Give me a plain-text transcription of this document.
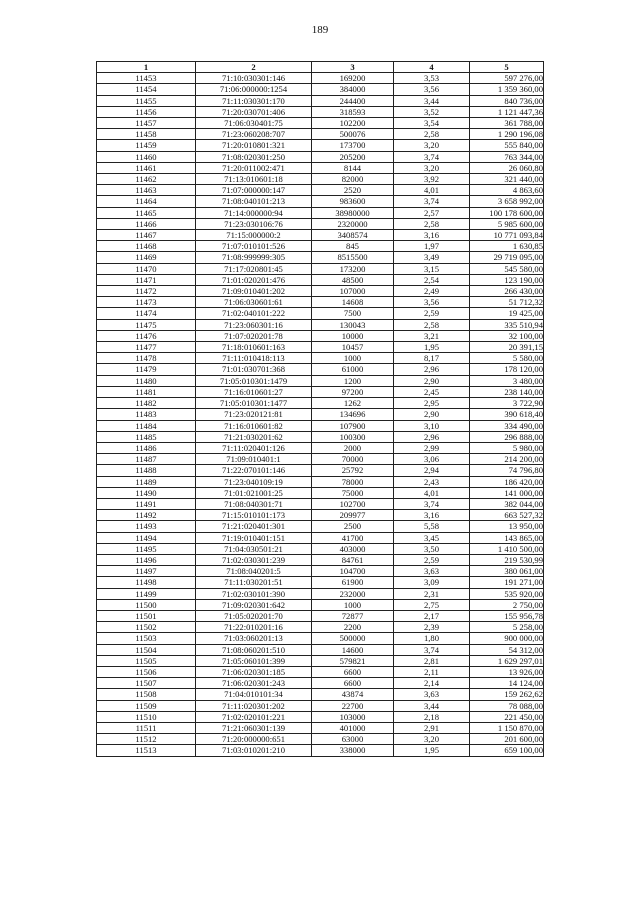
189
1	2	3	4	5
11453	71:10:030301:146	169200	3,53	597 276,00
11454	71:06:000000:1254	384000	3,56	1 359 360,00
11455	71:11:030301:170	244400	3,44	840 736,00
11456	71:20:030701:406	318593	3,52	1 121 447,36
11457	71:06:030401:75	102200	3,54	361 788,00
11458	71:23:060208:707	500076	2,58	1 290 196,08
11459	71:20:010801:321	173700	3,20	555 840,00
11460	71:08:020301:250	205200	3,74	763 344,00
11461	71:20:011002:471	8144	3,20	26 060,80
11462	71:13:010601:18	82000	3,92	321 440,00
11463	71:07:000000:147	2520	4,01	4 863,60
11464	71:08:040101:213	983600	3,74	3 658 992,00
11465	71:14:000000:94	38980000	2,57	100 178 600,00
11466	71:23:030106:76	2320000	2,58	5 985 600,00
11467	71:15:000000:2	3408574	3,16	10 771 093,84
11468	71:07:010101:526	845	1,97	1 630,85
11469	71:08:999999:305	8515500	3,49	29 719 095,00
11470	71:17:020801:45	173200	3,15	545 580,00
11471	71:01:020201:476	48500	2,54	123 190,00
11472	71:09:010401:202	107000	2,49	266 430,00
11473	71:06:030601:61	14608	3,56	51 712,32
11474	71:02:040101:222	7500	2,59	19 425,00
11475	71:23:060301:16	130043	2,58	335 510,94
11476	71:07:020201:78	10000	3,21	32 100,00
11477	71:18:010601:163	10457	1,95	20 391,15
11478	71:11:010418:113	1000	8,17	5 580,00
11479	71:01:030701:368	61000	2,96	178 120,00
11480	71:05:010301:1479	1200	2,90	3 480,00
11481	71:16:010601:27	97200	2,45	238 140,00
11482	71:05:010301:1477	1262	2,95	3 722,90
11483	71:23:020121:81	134696	2,90	390 618,40
11484	71:16:010601:82	107900	3,10	334 490,00
11485	71:21:030201:62	100300	2,96	296 888,00
11486	71:11:020401:126	2000	2,99	5 980,00
11487	71:09:010401:1	70000	3,06	214 200,00
11488	71:22:070101:146	25792	2,94	74 796,80
11489	71:23:040109:19	78000	2,43	186 420,00
11490	71:01:021001:25	75000	4,01	141 000,00
11491	71:08:040301:71	102700	3,74	382 044,00
11492	71:15:010101:173	209977	3,16	663 527,32
11493	71:21:020401:301	2500	5,58	13 950,00
11494	71:19:010401:151	41700	3,45	143 865,00
11495	71:04:030501:21	403000	3,50	1 410 500,00
11496	71:02:030301:239	84761	2,59	219 530,99
11497	71:08:040201:5	104700	3,63	380 061,00
11498	71:11:030201:51	61900	3,09	191 271,00
11499	71:02:030101:390	232000	2,31	535 920,00
11500	71:09:020301:642	1000	2,75	2 750,00
11501	71:05:020201:70	72877	2,17	155 956,78
11502	71:22:010201:16	2200	2,39	5 258,00
11503	71:03:060201:13	500000	1,80	900 000,00
11504	71:08:060201:510	14600	3,74	54 312,00
11505	71:05:060101:399	579821	2,81	1 629 297,01
11506	71:06:020301:185	6600	2,11	13 926,00
11507	71:06:020301:243	6600	2,14	14 124,00
11508	71:04:010101:34	43874	3,63	159 262,62
11509	71:11:020301:202	22700	3,44	78 088,00
11510	71:02:020101:221	103000	2,18	221 450,00
11511	71:21:060301:139	401000	2,91	1 150 870,00
11512	71:20:000000:651	63000	3,20	201 600,00
11513	71:03:010201:210	338000	1,95	659 100,00
